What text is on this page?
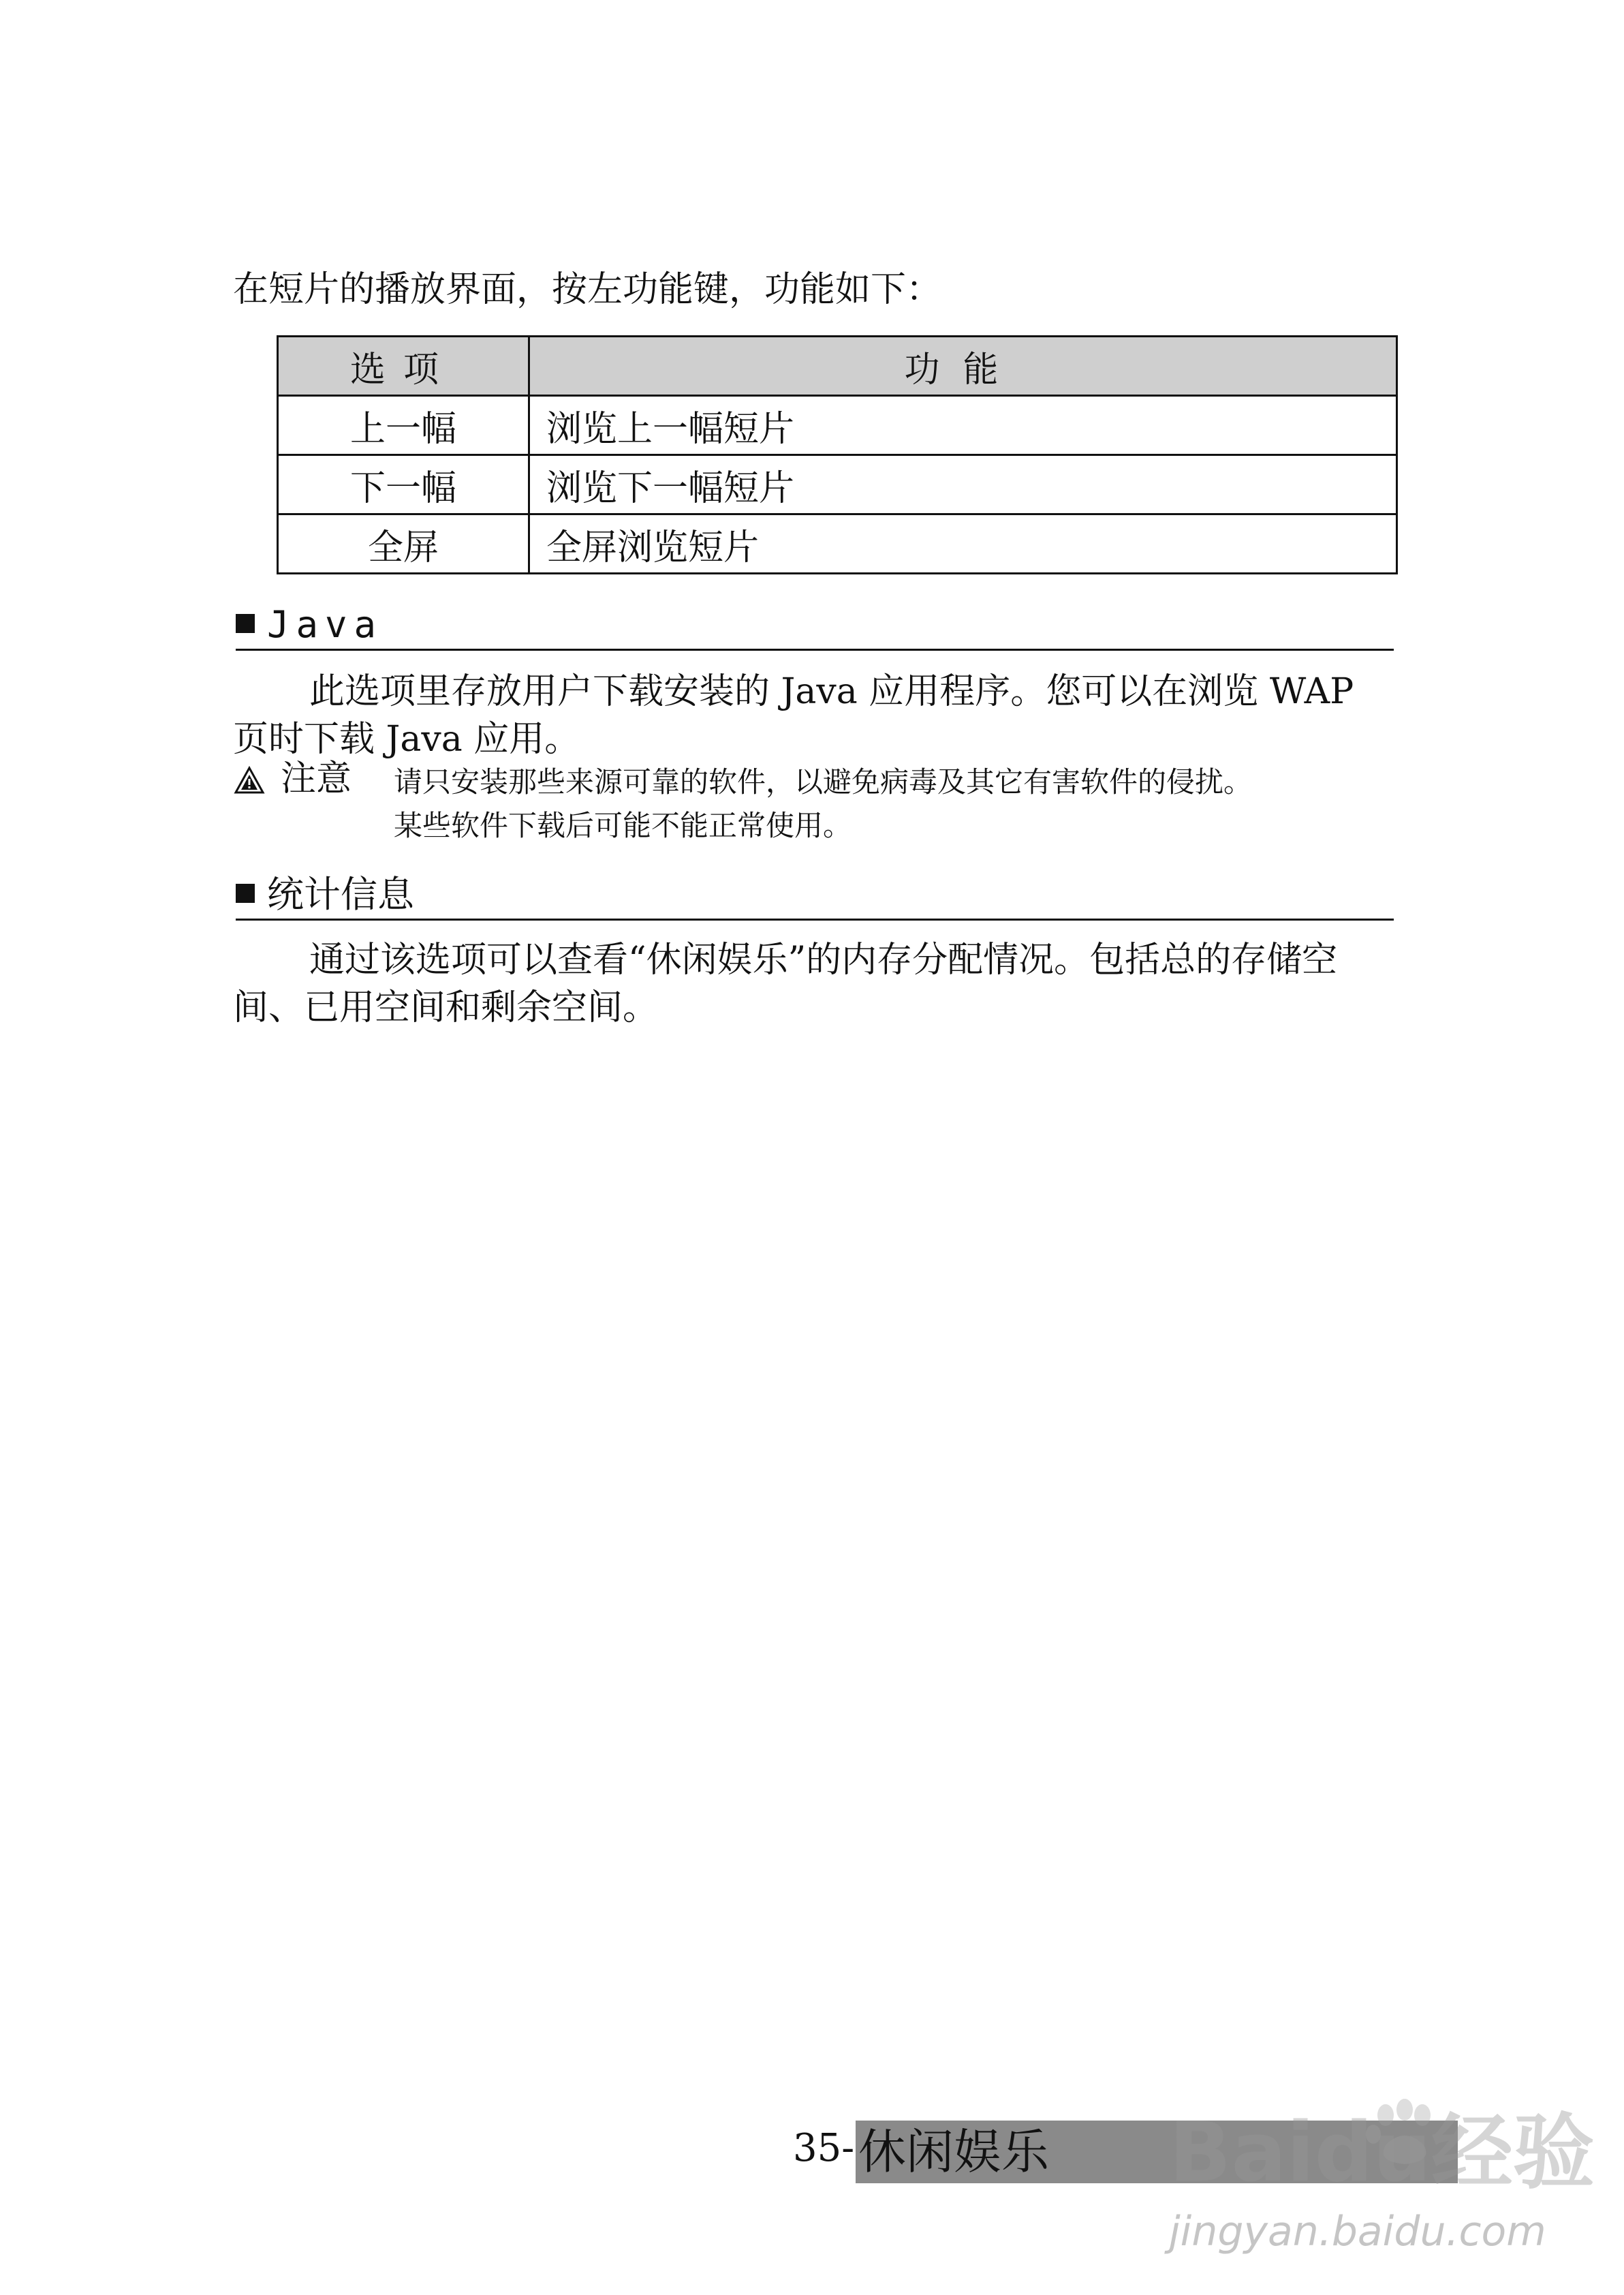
在短片的播放界面，按左功能键，功能如下：
选项	功能
上一幅	浏览上一幅短片
下一幅	浏览下一幅短片
全屏	全屏浏览短片
Java
此选项里存放用户下载安装的 Java 应用程序。您可以在浏览 WAP 页时下载 Java 应用。
注意 请只安装那些来源可靠的软件，以避免病毒及其它有害软件的侵扰。
某些软件下载后可能不能正常使用。
统计信息
通过该选项可以查看“休闲娱乐”的内存分配情况。包括总的存储空间、已用空间和剩余空间。
35- 休闲娱乐	Baidu经验
jingyan.baidu.com
